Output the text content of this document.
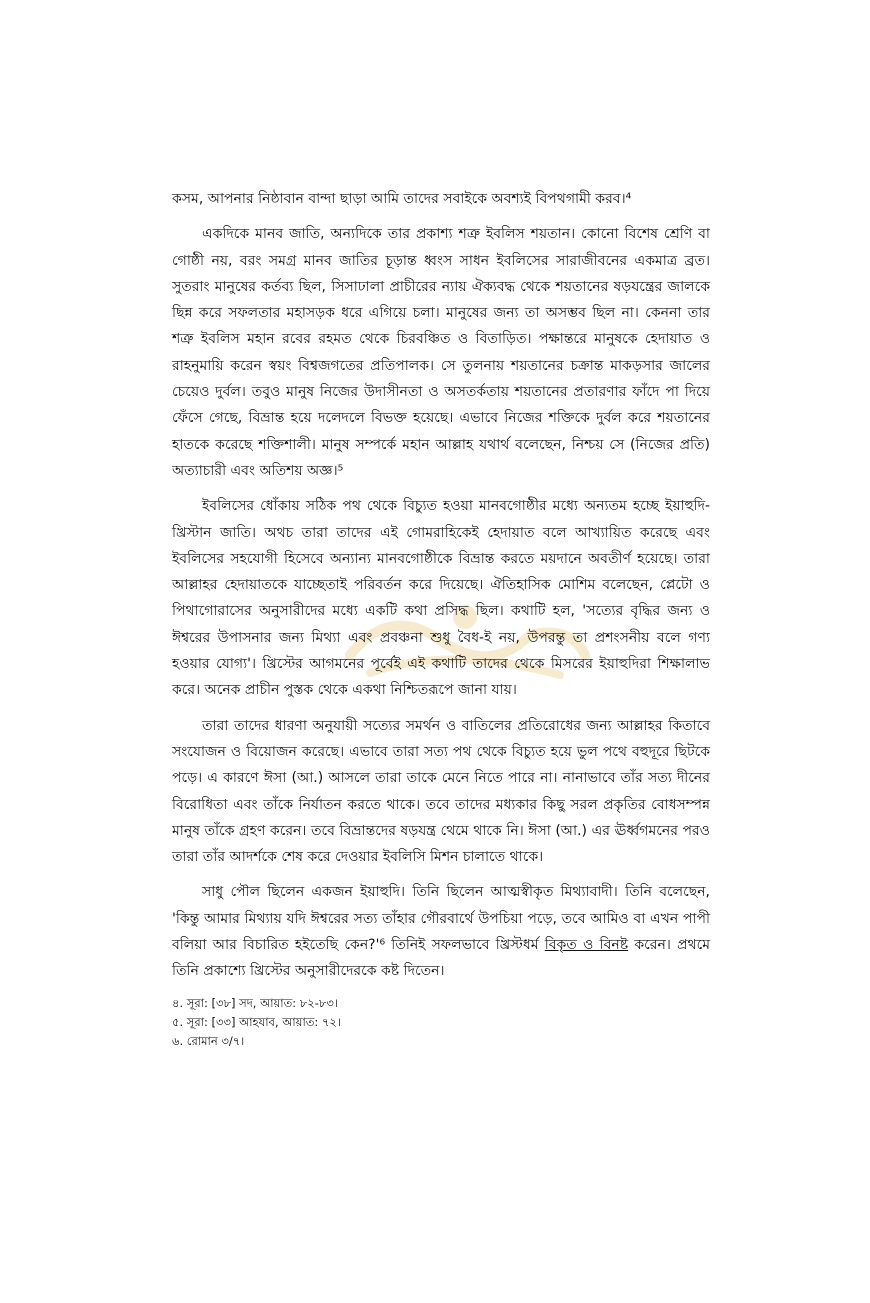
কসম, আপনার নিষ্ঠাবান বান্দা ছাড়া আমি তাদের সবাইকে অবশ্যই বিপথগামী করব।⁴

একদিকে মানব জাতি, অন্যদিকে তার প্রকাশ্য শত্রু ইবলিস শয়তান। কোনো বিশেষ শ্রেণি বা গোষ্ঠী নয়, বরং সমগ্র মানব জাতির চূড়ান্ত ধ্বংস সাধন ইবলিসের সারাজীবনের একমাত্র ব্রত। সুতরাং মানুষের কর্তব্য ছিল, সিসাঢালা প্রাচীরের ন্যায় ঐক্যবদ্ধ থেকে শয়তানের ষড়যন্ত্রের জালকে ছিন্ন করে সফলতার মহাসড়ক ধরে এগিয়ে চলা। মানুষের জন্য তা অসম্ভব ছিল না। কেননা তার শত্রু ইবলিস মহান রবের রহমত থেকে চিরবঞ্চিত ও বিতাড়িত। পক্ষান্তরে মানুষকে হেদায়াত ও রাহনুমায়ি করেন স্বয়ং বিশ্বজগতের প্রতিপালক। সে তুলনায় শয়তানের চক্রান্ত মাকড়সার জালের চেয়েও দুর্বল। তবুও মানুষ নিজের উদাসীনতা ও অসতর্কতায় শয়তানের প্রতারণার ফাঁদে পা দিয়ে ফেঁসে গেছে, বিভ্রান্ত হয়ে দলেদলে বিভক্ত হয়েছে। এভাবে নিজের শক্তিকে দুর্বল করে শয়তানের হাতকে করেছে শক্তিশালী। মানুষ সম্পর্কে মহান আল্লাহ যথার্থ বলেছেন, নিশ্চয় সে (নিজের প্রতি) অত্যাচারী এবং অতিশয় অজ্ঞ।⁵

ইবলিসের ধোঁকায় সঠিক পথ থেকে বিচ্যুত হওয়া মানবগোষ্ঠীর মধ্যে অন্যতম হচ্ছে ইয়াহুদি-খ্রিস্টান জাতি। অথচ তারা তাদের এই গোমরাহিকেই হেদায়াত বলে আখ্যায়িত করেছে এবং ইবলিসের সহযোগী হিসেবে অন্যান্য মানবগোষ্ঠীকে বিভ্রান্ত করতে ময়দানে অবতীর্ণ হয়েছে। তারা আল্লাহর হেদায়াতকে যাচ্ছেতাই পরিবর্তন করে দিয়েছে। ঐতিহাসিক মোশিম বলেছেন, প্লেটো ও পিথাগোরাসের অনুসারীদের মধ্যে একটি কথা প্রসিদ্ধ ছিল। কথাটি হল, 'সত্যের বৃদ্ধির জন্য ও ঈশ্বরের উপাসনার জন্য মিথ্যা এবং প্রবঞ্চনা শুধু বৈধ-ই নয়, উপরন্তু তা প্রশংসনীয় বলে গণ্য হওয়ার যোগ্য'। খ্রিস্টের আগমনের পূর্বেই এই কথাটি তাদের থেকে মিসরের ইয়াহুদিরা শিক্ষালাভ করে। অনেক প্রাচীন পুস্তক থেকে একথা নিশ্চিতরূপে জানা যায়।

তারা তাদের ধারণা অনুযায়ী সত্যের সমর্থন ও বাতিলের প্রতিরোধের জন্য আল্লাহর কিতাবে সংযোজন ও বিয়োজন করেছে। এভাবে তারা সত্য পথ থেকে বিচ্যুত হয়ে ভুল পথে বহুদূরে ছিটকে পড়ে। এ কারণে ঈসা (আ.) আসলে তারা তাকে মেনে নিতে পারে না। নানাভাবে তাঁর সত্য দীনের বিরোধিতা এবং তাঁকে নির্যাতন করতে থাকে। তবে তাদের মধ্যকার কিছু সরল প্রকৃতির বোধসম্পন্ন মানুষ তাঁকে গ্রহণ করেন। তবে বিভ্রান্তদের ষড়যন্ত্র থেমে থাকে নি। ঈসা (আ.) এর ঊর্ধ্বগমনের পরও তারা তাঁর আদর্শকে শেষ করে দেওয়ার ইবলিসি মিশন চালাতে থাকে।

সাধু পৌল ছিলেন একজন ইয়াহুদি। তিনি ছিলেন আত্মস্বীকৃত মিথ্যাবাদী। তিনি বলেছেন, 'কিন্তু আমার মিথ্যায় যদি ঈশ্বরের সত্য তাঁহার গৌরবার্থে উপচিয়া পড়ে, তবে আমিও বা এখন পাপী বলিয়া আর বিচারিত হইতেছি কেন?'⁶ তিনিই সফলভাবে খ্রিস্টধর্ম বিকৃত ও বিনষ্ট করেন। প্রথমে তিনি প্রকাশ্যে খ্রিস্টের অনুসারীদেরকে কষ্ট দিতেন।

৪. সূরা: [৩৮] সদ, আয়াত: ৮২-৮৩।

৫. সূরা: [৩৩] আহযাব, আয়াত: ৭২।

৬. রোমান ৩/৭।
